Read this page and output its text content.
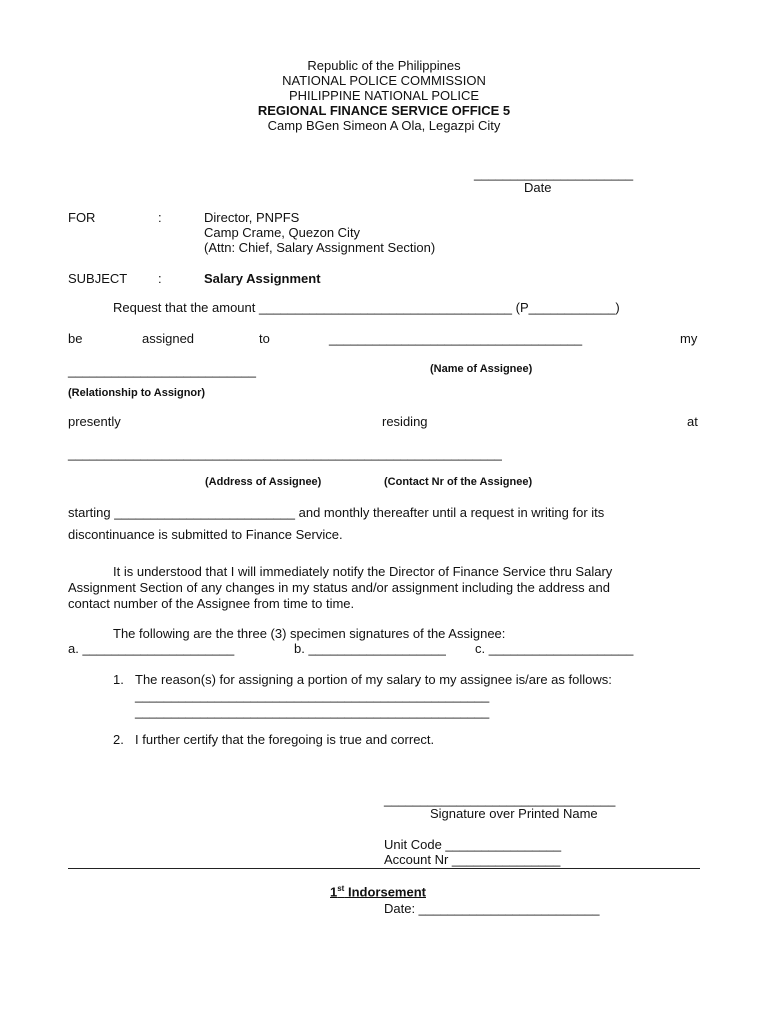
Republic of the Philippines
NATIONAL POLICE COMMISSION
PHILIPPINE NATIONAL POLICE
REGIONAL FINANCE SERVICE OFFICE 5
Camp BGen Simeon A Ola, Legazpi City
______________________
Date
FOR	:	Director, PNPFS
Camp Crame, Quezon City
(Attn: Chief, Salary Assignment Section)
SUBJECT :	Salary Assignment
Request that the amount ___________________________________ (P____________)
be	assigned	to	___________________________________	my
__________________________	(Name of Assignee)
(Relationship to Assignor)
presently	residing	at
____________________________________________________________
(Address of Assignee)	(Contact Nr of the Assignee)
starting _________________________ and monthly thereafter until a request in writing for its
discontinuance is submitted to Finance Service.
It is understood that I will immediately notify the Director of Finance Service thru Salary
Assignment Section of any changes in my status and/or assignment including the address and
contact number of the Assignee from time to time.
The following are the three (3) specimen signatures of the Assignee:
a. _____________________	b. ___________________ c. ____________________
1. The reason(s) for assigning a portion of my salary to my assignee is/are as follows:
_________________________________________________
_________________________________________________
2. I further certify that the foregoing is true and correct.
________________________________
Signature over Printed Name
Unit Code ________________
Account Nr _______________
1st Indorsement
Date: _________________________
